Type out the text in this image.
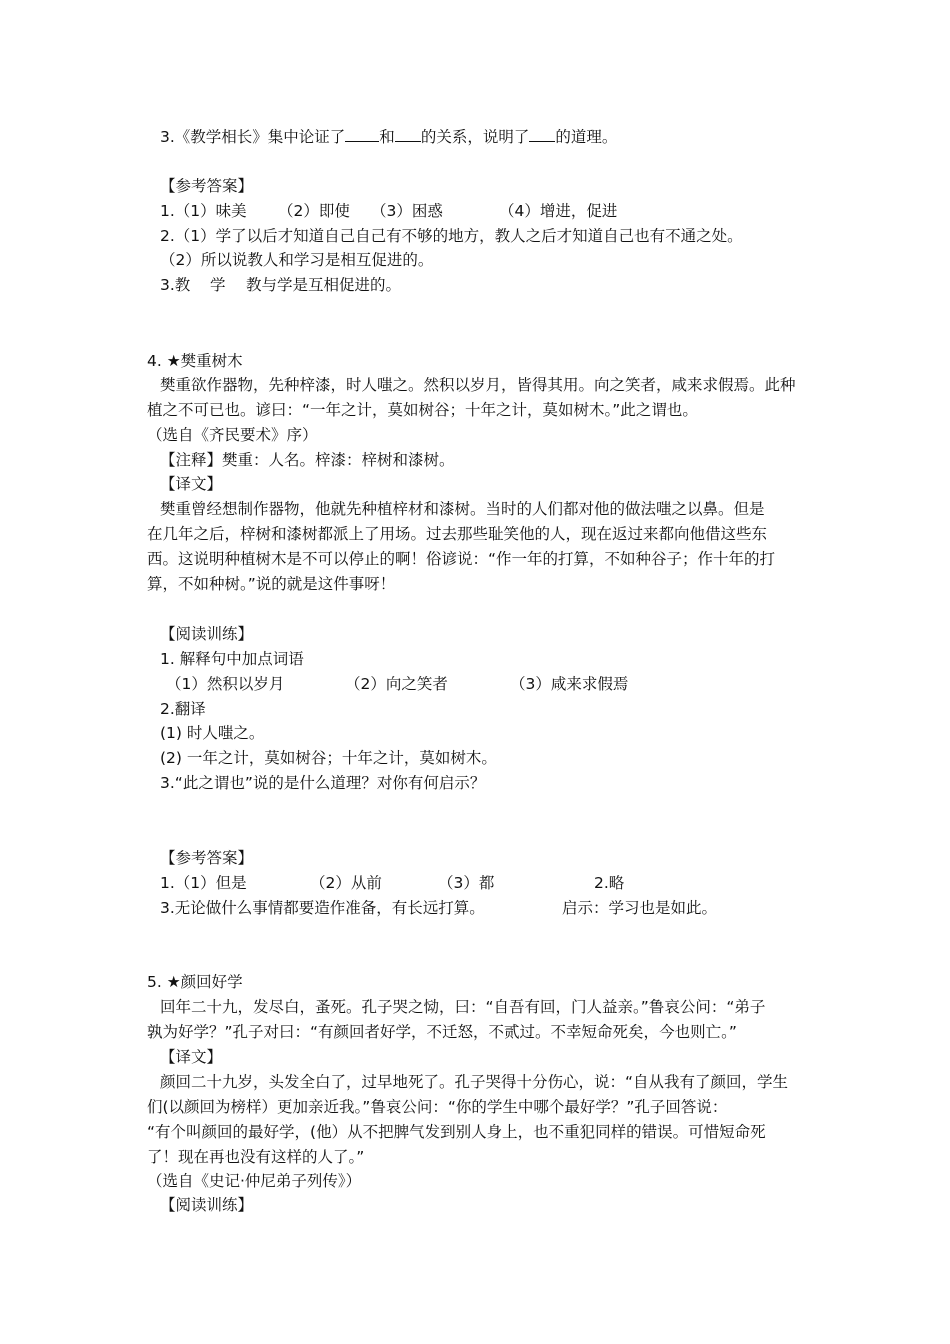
3.《教学相长》集中论证了 和 的关系，说明了 的道理。
【参考答案】
1.（1）味美 （2）即使 （3）困惑	（4）增进，促进
2.（1）学了以后才知道自己自己有不够的地方，教人之后才知道自己也有不通之处。
（2）所以说教人和学习是相互促进的。
3.教 学 教与学是互相促进的。
4. ★樊重树木
樊重欲作器物，先种梓漆，时人嗤之。然积以岁月，皆得其用。向之笑者，咸来求假焉。此种
植之不可已也。谚曰：“一年之计，莫如树谷；十年之计，莫如树木。”此之谓也。
（选自《齐民要术》序）
【注释】樊重：人名。梓漆：梓树和漆树。
【译文】
樊重曾经想制作器物，他就先种植梓材和漆树。当时的人们都对他的做法嗤之以鼻。但是
在几年之后，梓树和漆树都派上了用场。过去那些耻笑他的人，现在返过来都向他借这些东
西。这说明种植树木是不可以停止的啊！俗谚说：“作一年的打算，不如种谷子；作十年的打
算，不如种树。”说的就是这件事呀！
【阅读训练】
1. 解释句中加点词语
（1）然积以岁月	（2）向之笑者	（3）咸来求假焉
2.翻译
(1) 时人嗤之。
(2) 一年之计，莫如树谷；十年之计，莫如树木。
3.“此之谓也”说的是什么道理？对你有何启示？
【参考答案】
1.（1）但是	（2）从前	（3）都	2.略
3.无论做什么事情都要造作准备，有长远打算。	启示：学习也是如此。
5. ★颜回好学
回年二十九，发尽白，蚤死。孔子哭之恸，曰：“自吾有回，门人益亲。”鲁哀公问：“弟子
孰为好学？”孔子对曰：“有颜回者好学，不迁怒，不贰过。不幸短命死矣，今也则亡。”
【译文】
颜回二十九岁，头发全白了，过早地死了。孔子哭得十分伤心，说：“自从我有了颜回，学生
们(以颜回为榜样）更加亲近我。”鲁哀公问：“你的学生中哪个最好学？”孔子回答说：
“有个叫颜回的最好学，(他）从不把脾气发到别人身上，也不重犯同样的错误。可惜短命死
了！现在再也没有这样的人了。”
（选自《史记·仲尼弟子列传》）
【阅读训练】
